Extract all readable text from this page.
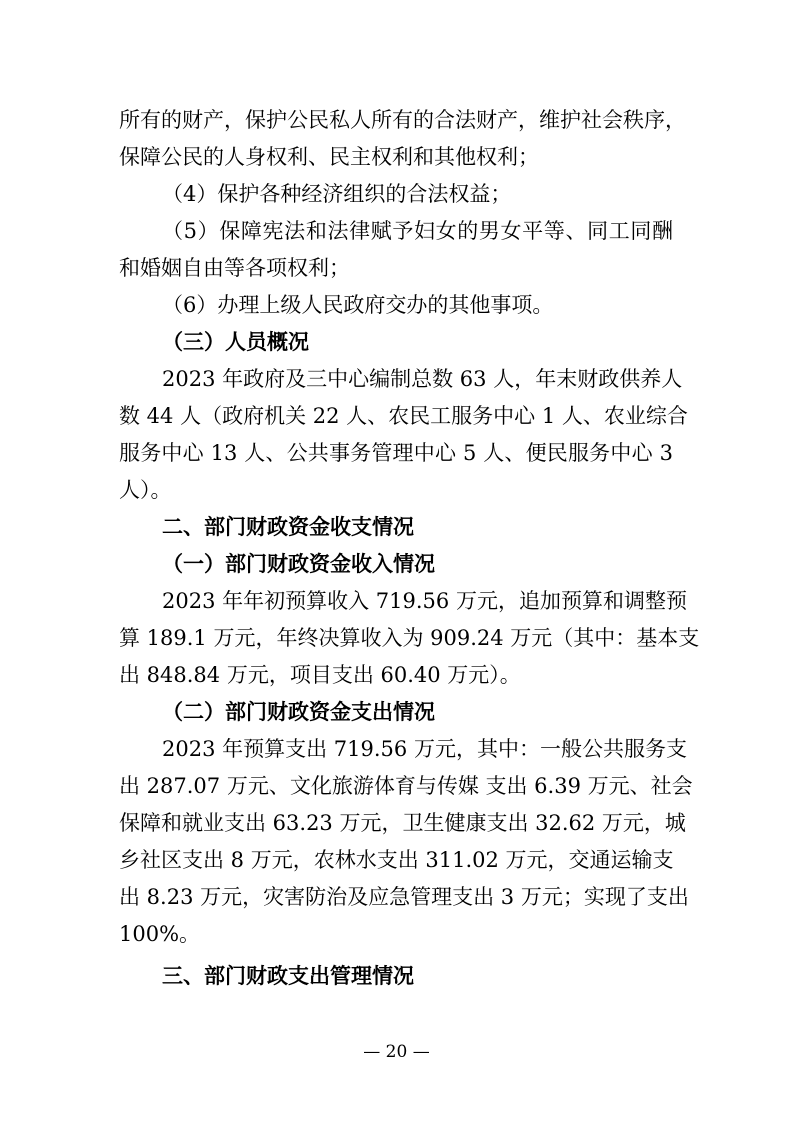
所有的财产，保护公民私人所有的合法财产，维护社会秩序，
保障公民的人身权利、民主权利和其他权利；
（4）保护各种经济组织的合法权益；
（5）保障宪法和法律赋予妇女的男女平等、同工同酬
和婚姻自由等各项权利；
（6）办理上级人民政府交办的其他事项。
（三）人员概况
2023 年政府及三中心编制总数 63 人，年末财政供养人
数 44 人（政府机关 22 人、农民工服务中心 1 人、农业综合
服务中心 13 人、公共事务管理中心 5 人、便民服务中心 3
人）。
二、部门财政资金收支情况
（一）部门财政资金收入情况
2023 年年初预算收入 719.56 万元，追加预算和调整预
算 189.1 万元，年终决算收入为 909.24 万元（其中：基本支
出 848.84 万元，项目支出 60.40 万元）。
（二）部门财政资金支出情况
2023 年预算支出 719.56 万元，其中：一般公共服务支
出 287.07 万元、文化旅游体育与传媒 支出 6.39 万元、社会
保障和就业支出 63.23 万元，卫生健康支出 32.62 万元，城
乡社区支出 8 万元，农林水支出 311.02 万元，交通运输支
出 8.23 万元，灾害防治及应急管理支出 3 万元；实现了支出
100%。
三、部门财政支出管理情况
— 20 —
